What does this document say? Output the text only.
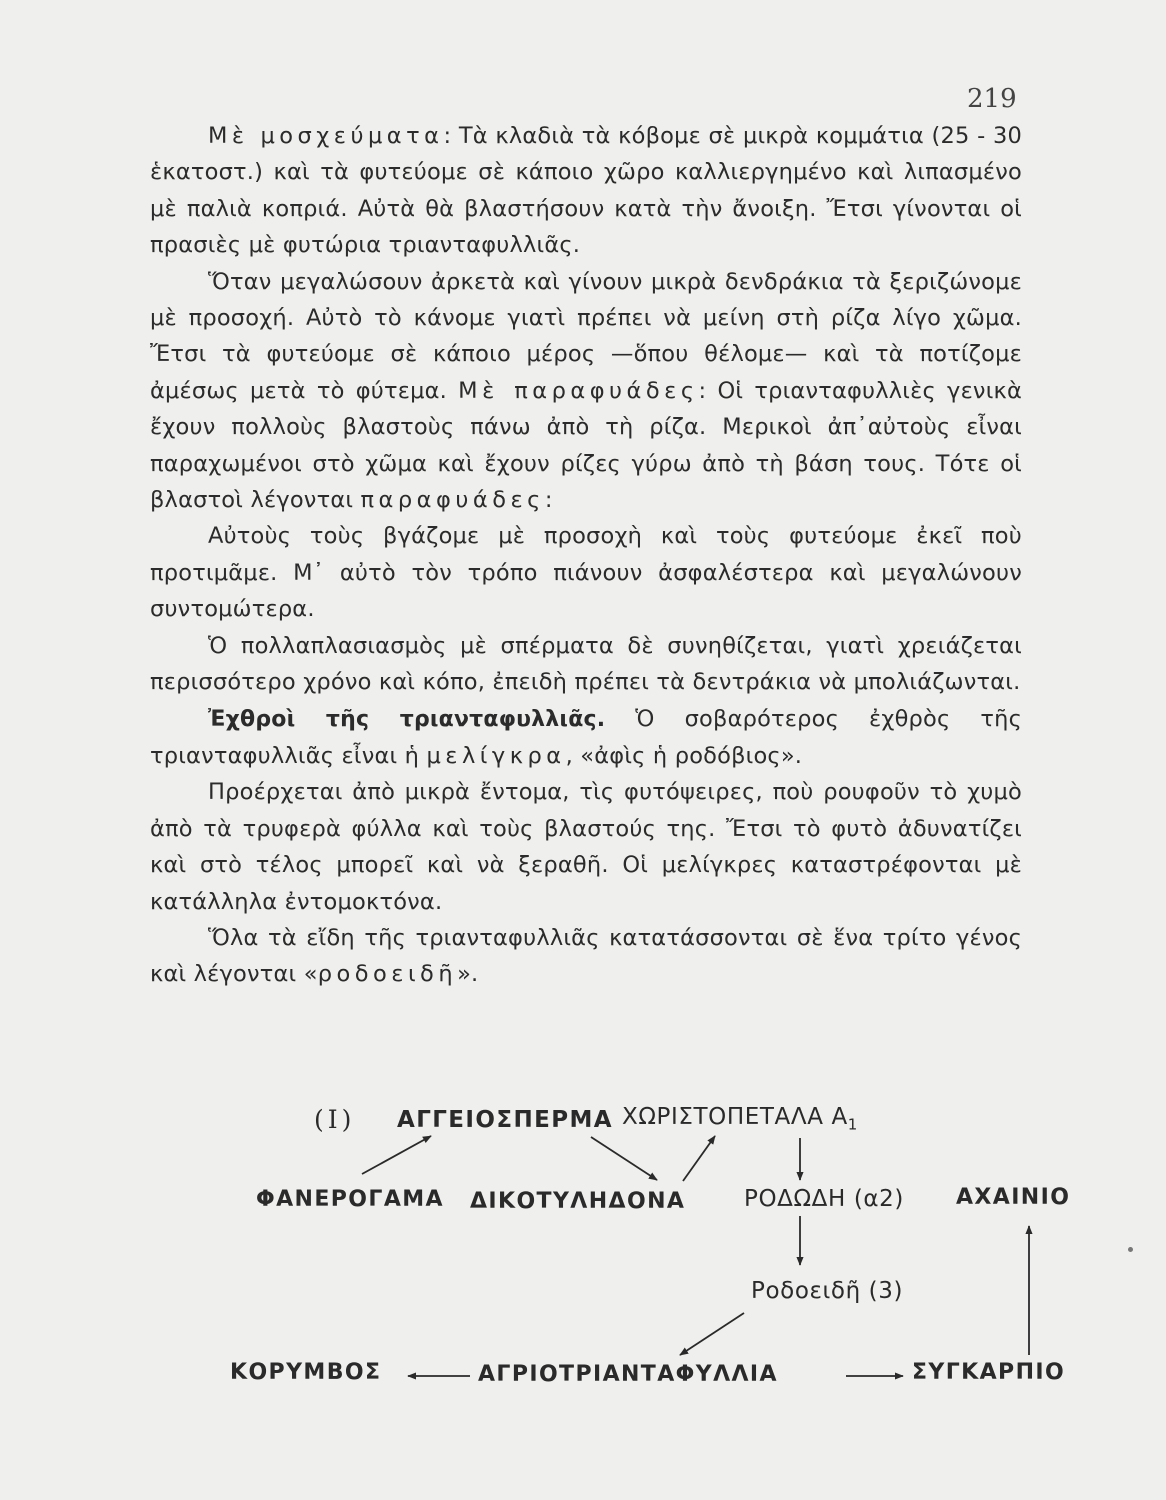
219

Μὲ μοσχεύματα: Τὰ κλαδιὰ τὰ κόβομε σὲ μικρὰ κομμάτια (25 - 30 ἑκατοστ.) καὶ τὰ φυτεύομε σὲ κάποιο χῶρο καλλιεργημένο καὶ λιπασμένο μὲ παλιὰ κοπριά. Αὐτὰ θὰ βλαστήσουν κατὰ τὴν ἄνοιξη. Ἔτσι γίνονται οἱ πρασιὲς μὲ φυτώρια τριανταφυλλιᾶς.

Ὅταν μεγαλώσουν ἀρκετὰ καὶ γίνουν μικρὰ δενδράκια τὰ ξεριζώνομε μὲ προσοχή. Αὐτὸ τὸ κάνομε γιατὶ πρέπει νὰ μείνη στὴ ρίζα λίγο χῶμα. Ἔτσι τὰ φυτεύομε σὲ κάποιο μέρος —ὅπου θέλομε— καὶ τὰ ποτίζομε ἀμέσως μετὰ τὸ φύτεμα. Μὲ παραφυάδες: Οἱ τριανταφυλλιὲς γενικὰ ἔχουν πολλοὺς βλαστοὺς πάνω ἀπὸ τὴ ρίζα. Μερικοὶ ἀπ᾿αὐτοὺς εἶναι παραχωμένοι στὸ χῶμα καὶ ἔχουν ρίζες γύρω ἀπὸ τὴ βάση τους. Τότε οἱ βλαστοὶ λέγονται παραφυάδες:

Αὐτοὺς τοὺς βγάζομε μὲ προσοχὴ καὶ τοὺς φυτεύομε ἐκεῖ ποὺ προτιμᾶμε. Μ᾿ αὐτὸ τὸν τρόπο πιάνουν ἀσφαλέστερα καὶ μεγαλώνουν συντομώτερα.

Ὁ πολλαπλασιασμὸς μὲ σπέρματα δὲ συνηθίζεται, γιατὶ χρειάζεται περισσότερο χρόνο καὶ κόπο, ἐπειδὴ πρέπει τὰ δεντράκια νὰ μπολιάζωνται.

Ἐχθροὶ τῆς τριανταφυλλιᾶς. Ὁ σοβαρότερος ἐχθρὸς τῆς τριανταφυλλιᾶς εἶναι ἡ μελίγκρα, «ἀφὶς ἡ ροδόβιος».

Προέρχεται ἀπὸ μικρὰ ἔντομα, τὶς φυτόψειρες, ποὺ ρουφοῦν τὸ χυμὸ ἀπὸ τὰ τρυφερὰ φύλλα καὶ τοὺς βλαστούς της. Ἔτσι τὸ φυτὸ ἀδυνατίζει καὶ στὸ τέλος μπορεῖ καὶ νὰ ξεραθῆ. Οἱ μελίγκρες καταστρέφονται μὲ κατάλληλα ἐντομοκτόνα.

Ὅλα τὰ εἴδη τῆς τριανταφυλλιᾶς κατατάσσονται σὲ ἕνα τρίτο γένος καὶ λέγονται «ροδοειδῆ».

(I) ΑΓΓΕΙΟΣΠΕΡΜΑ ΧΩΡΙΣΤΟΠΕΤΑΛΑ $A_1$
ΦΑΝΕΡΟΓΑΜΑ ΔΙΚΟΤΥΛΗΔΟΝΑ	ΡΟΔΩΔΗ (α2) ΑΧΑΙΝΙΟ
Ροδοειδῆ (3)
ΚΟΡΥΜΒΟΣ	ΑΓΡΙΟΤΡΙΑΝΤΑΦΥΛΛΙΑ	ΣΥΓΚΑΡΠΙΟ
